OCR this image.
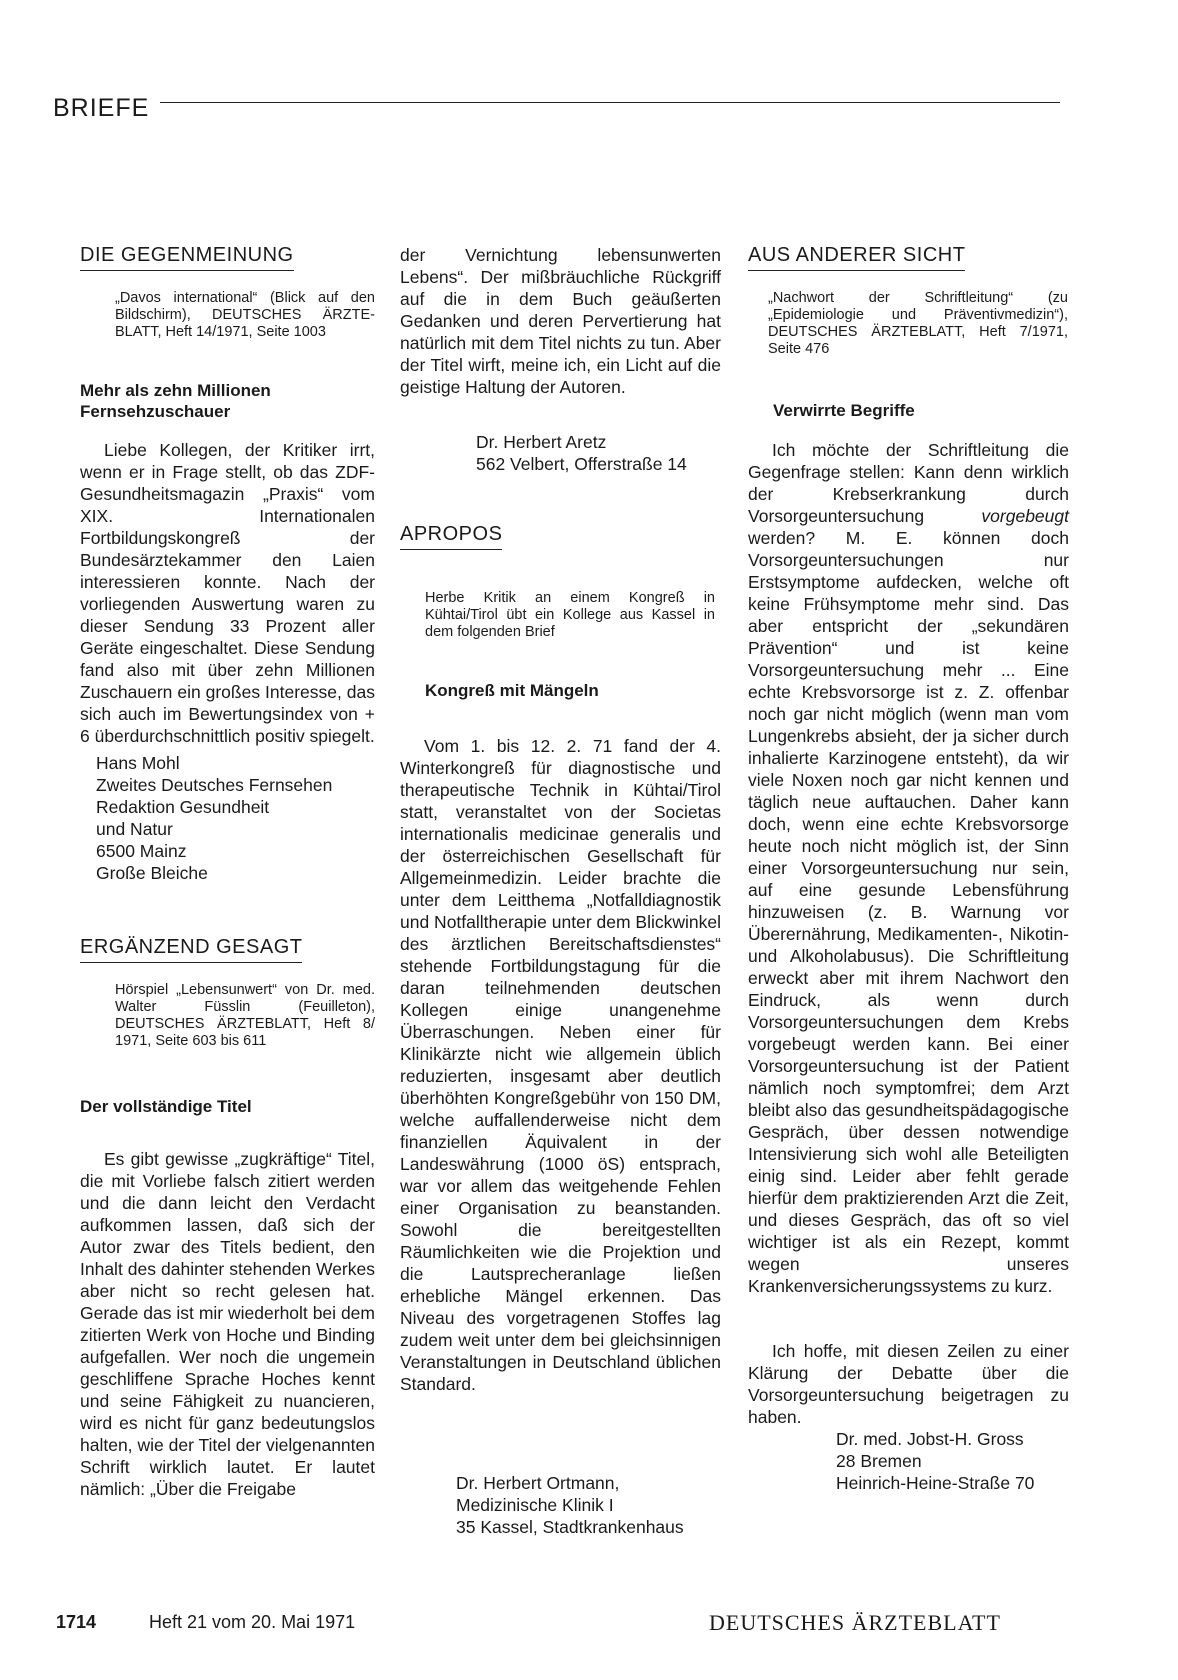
BRIEFE
DIE GEGENMEINUNG
„Davos international“ (Blick auf den Bildschirm), DEUTSCHES ÄRZTE-BLATT, Heft 14/1971, Seite 1003
Mehr als zehn Millionen Fernsehzuschauer

Liebe Kollegen, der Kritiker irrt, wenn er in Frage stellt, ob das ZDF-Gesundheitsmagazin „Praxis“ vom XIX. Internationalen Fortbildungskongreß der Bundesärztekammer den Laien interessieren konnte. Nach der vorliegenden Auswertung waren zu dieser Sendung 33 Prozent aller Geräte eingeschaltet. Diese Sendung fand also mit über zehn Millionen Zuschauern ein großes Interesse, das sich auch im Bewertungsindex von + 6 überdurchschnittlich positiv spiegelt.

Hans Mohl
Zweites Deutsches Fernsehen
Redaktion Gesundheit
und Natur
6500 Mainz
Große Bleiche
ERGÄNZEND GESAGT
Hörspiel „Lebensunwert“ von Dr. med. Walter Füsslin (Feuilleton), DEUTSCHES ÄRZTEBLATT, Heft 8/ 1971, Seite 603 bis 611
Der vollständige Titel

Es gibt gewisse „zugkräftige“ Titel, die mit Vorliebe falsch zitiert werden und die dann leicht den Verdacht aufkommen lassen, daß sich der Autor zwar des Titels bedient, den Inhalt des dahinter stehenden Werkes aber nicht so recht gelesen hat. Gerade das ist mir wiederholt bei dem zitierten Werk von Hoche und Binding aufgefallen. Wer noch die ungemein geschliffene Sprache Hoches kennt und seine Fähigkeit zu nuancieren, wird es nicht für ganz bedeutungslos halten, wie der Titel der vielgenannten Schrift wirklich lautet. Er lautet nämlich: „Über die Freigabe

der Vernichtung lebensunwerten Lebens“. Der mißbräuchliche Rückgriff auf die in dem Buch geäußerten Gedanken und deren Pervertierung hat natürlich mit dem Titel nichts zu tun. Aber der Titel wirft, meine ich, ein Licht auf die geistige Haltung der Autoren.

Dr. Herbert Aretz
562 Velbert, Offerstraße 14
APROPOS
Herbe Kritik an einem Kongreß in Kühtai/Tirol übt ein Kollege aus Kassel in dem folgenden Brief
Kongreß mit Mängeln

Vom 1. bis 12. 2. 71 fand der 4. Winterkongreß für diagnostische und therapeutische Technik in Kühtai/Tirol statt, veranstaltet von der Societas internationalis medicinae generalis und der österreichischen Gesellschaft für Allgemeinmedizin. Leider brachte die unter dem Leitthema „Notfalldiagnostik und Notfalltherapie unter dem Blickwinkel des ärztlichen Bereitschaftsdienstes“ stehende Fortbildungstagung für die daran teilnehmenden deutschen Kollegen einige unangenehme Überraschungen. Neben einer für Klinikärzte nicht wie allgemein üblich reduzierten, insgesamt aber deutlich überhöhten Kongreßgebühr von 150 DM, welche auffallenderweise nicht dem finanziellen Äquivalent in der Landeswährung (1000 öS) entsprach, war vor allem das weitgehende Fehlen einer Organisation zu beanstanden. Sowohl die bereitgestellten Räumlichkeiten wie die Projektion und die Lautsprecheranlage ließen erhebliche Mängel erkennen. Das Niveau des vorgetragenen Stoffes lag zudem weit unter dem bei gleichsinnigen Veranstaltungen in Deutschland üblichen Standard.

Dr. Herbert Ortmann,
Medizinische Klinik I
35 Kassel, Stadtkrankenhaus
AUS ANDERER SICHT
„Nachwort der Schriftleitung“ (zu „Epidemiologie und Präventivmedizin“), DEUTSCHES ÄRZTEBLATT, Heft 7/1971, Seite 476
Verwirrte Begriffe

Ich möchte der Schriftleitung die Gegenfrage stellen: Kann denn wirklich der Krebserkrankung durch Vorsorgeuntersuchung	vorgebeugt werden? M. E. können doch Vorsorgeuntersuchungen nur Erstsymptome aufdecken, welche oft keine Frühsymptome mehr sind. Das aber entspricht der „sekundären Prävention“ und ist keine Vorsorgeuntersuchung mehr ... Eine echte Krebsvorsorge ist z. Z. offenbar noch gar nicht möglich (wenn man vom Lungenkrebs absieht, der ja sicher durch inhalierte Karzinogene entsteht), da wir viele Noxen noch gar nicht kennen und täglich neue auftauchen. Daher kann doch, wenn eine echte Krebsvorsorge heute noch nicht möglich ist, der Sinn einer Vorsorgeuntersuchung nur sein, auf eine gesunde Lebensführung hinzuweisen (z. B. Warnung vor Überernährung, Medikamenten-, Nikotin- und Alkoholabusus). Die Schriftleitung erweckt aber mit ihrem Nachwort den Eindruck, als wenn durch Vorsorgeuntersuchungen dem Krebs vorgebeugt werden kann. Bei einer Vorsorgeuntersuchung ist der Patient nämlich noch symptomfrei; dem Arzt bleibt also das gesundheitspädagogische Gespräch, über dessen notwendige Intensivierung sich wohl alle Beteiligten einig sind. Leider aber fehlt gerade hierfür dem praktizierenden Arzt die Zeit, und dieses Gespräch, das oft so viel wichtiger ist als ein Rezept, kommt wegen unseres Krankenversicherungssystems zu kurz.

Ich hoffe, mit diesen Zeilen zu einer Klärung der Debatte über die Vorsorgeuntersuchung beigetragen zu haben.

Dr. med. Jobst-H. Gross
28 Bremen
Heinrich-Heine-Straße 70
1714	Heft 21 vom 20. Mai 1971	DEUTSCHES ÄRZTEBLATT
